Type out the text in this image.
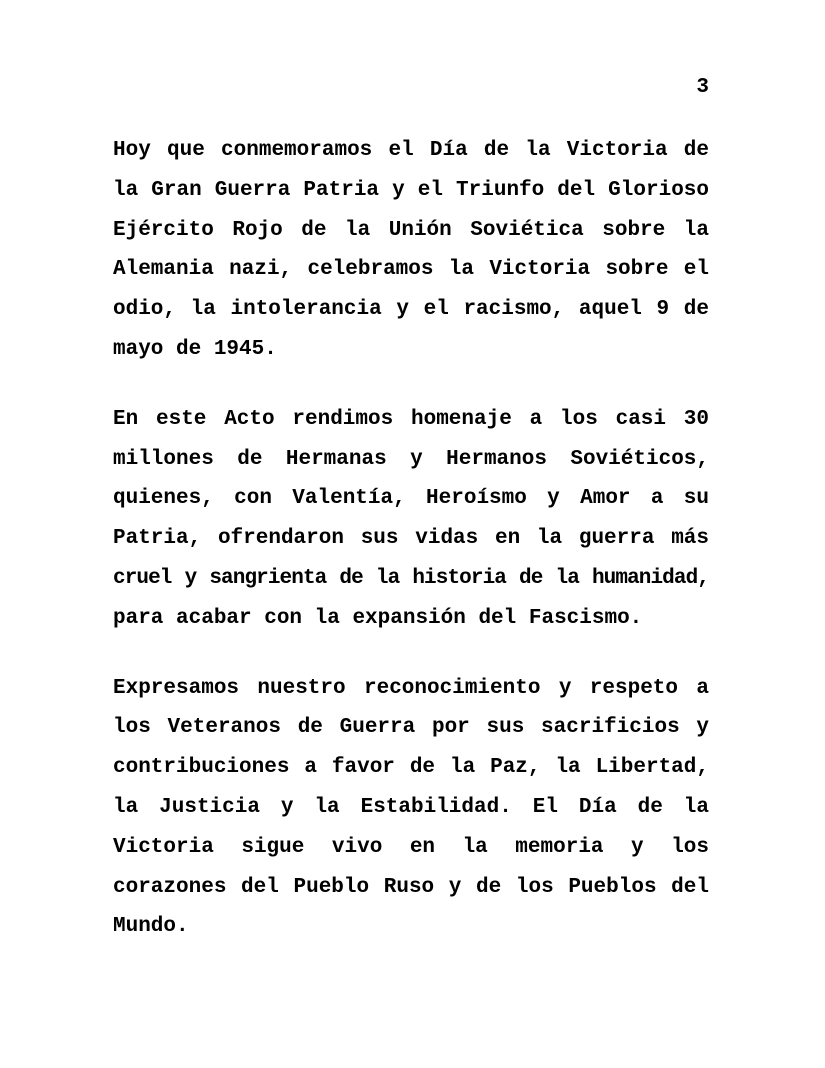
3
Hoy que conmemoramos el Día de la Victoria de
la Gran Guerra Patria y el Triunfo del Glorioso
Ejército Rojo de la Unión Soviética sobre la
Alemania nazi, celebramos la Victoria sobre el
odio, la intolerancia y el racismo, aquel 9 de
mayo de 1945.
En este Acto rendimos homenaje a los casi 30
millones de Hermanas y Hermanos Soviéticos,
quienes, con Valentía, Heroísmo y Amor a su
Patria, ofrendaron sus vidas en la guerra más
cruel y sangrienta de la historia de la humanidad,
para acabar con la expansión del Fascismo.
Expresamos nuestro reconocimiento y respeto a
los Veteranos de Guerra por sus sacrificios y
contribuciones a favor de la Paz, la Libertad,
la Justicia y la Estabilidad. El Día de la
Victoria sigue vivo en la memoria y los
corazones del Pueblo Ruso y de los Pueblos del
Mundo.
